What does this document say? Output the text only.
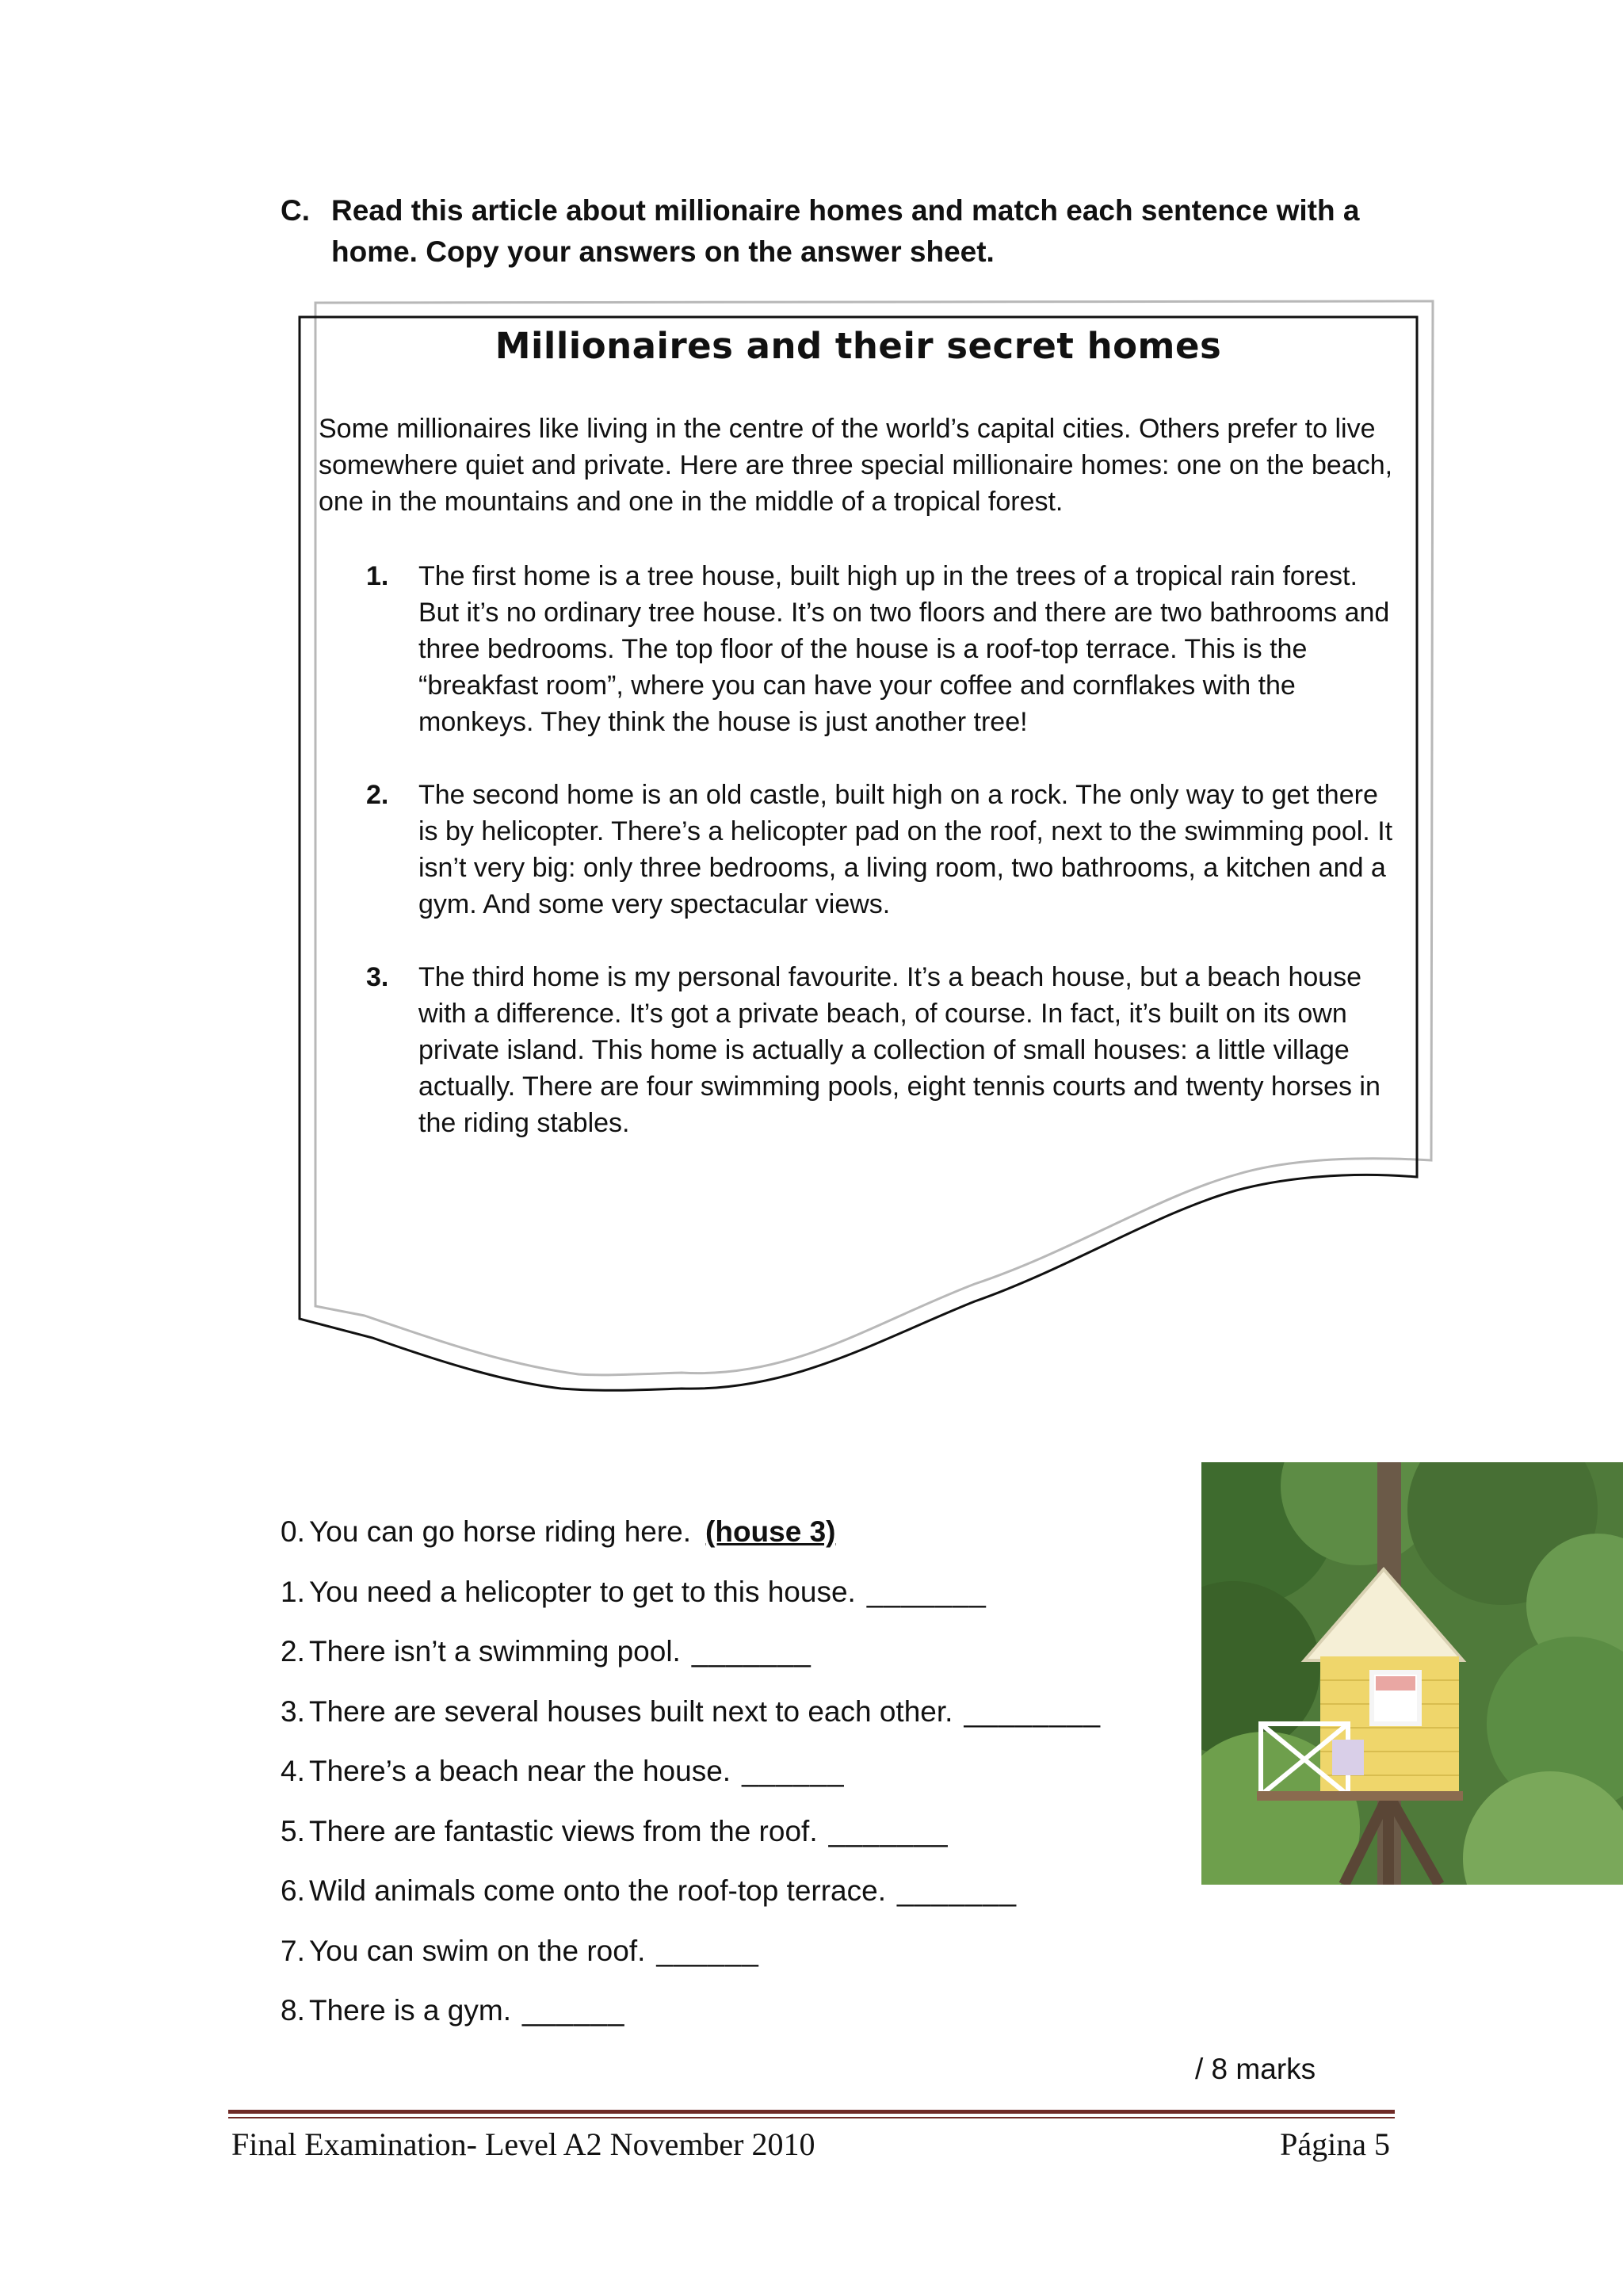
C. Read this article about millionaire homes and match each sentence with a home. Copy your answers on the answer sheet.
Millionaires and their secret homes
Some millionaires like living in the centre of the world’s capital cities. Others prefer to live somewhere quiet and private. Here are three special millionaire homes: one on the beach, one in the mountains and one in the middle of a tropical forest.
1. The first home is a tree house, built high up in the trees of a tropical rain forest. But it’s no ordinary tree house. It’s on two floors and there are two bathrooms and three bedrooms. The top floor of the house is a roof-top terrace. This is the “breakfast room”, where you can have your coffee and cornflakes with the monkeys. They think the house is just another tree!
2. The second home is an old castle, built high on a rock. The only way to get there is by helicopter. There’s a helicopter pad on the roof, next to the swimming pool. It isn’t very big: only three bedrooms, a living room, two bathrooms, a kitchen and a gym. And some very spectacular views.
3. The third home is my personal favourite. It’s a beach house, but a beach house with a difference. It’s got a private beach, of course. In fact, it’s built on its own private island. This home is actually a collection of small houses: a little village actually. There are four swimming pools, eight tennis courts and twenty horses in the riding stables.
0. You can go horse riding here. (house 3)
1. You need a helicopter to get to this house. _______
2. There isn’t a swimming pool. _______
3. There are several houses built next to each other. ________
4. There’s a beach near the house. ______
5. There are fantastic views from the roof. _______
6. Wild animals come onto the roof-top terrace. _______
7. You can swim on the roof. ______
8. There is a gym. ______
/ 8 marks
Final Examination- Level A2 November 2010	Página 5
